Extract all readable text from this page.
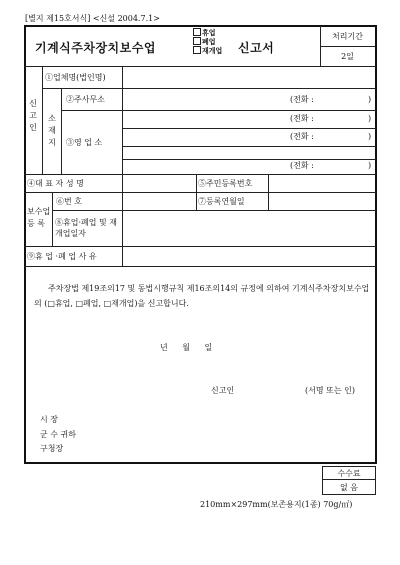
[별지 제15호서식] <신설 2004.7.1>
기계식주차장치보수업
휴업
폐업
재개업 신고서
처리기간
2일
신고인
소재지
①업체명(법인명)
②주사무소
③영 업 소
(전화 :	)
(전화 :	)
(전화 :	)
(전화 :	)
④대 표 자 성 명	⑤주민등록번호
보수업 등 록
⑥번 호	⑦등록연월일
⑧휴업·폐업 및 재개업일자
⑨휴 업 ·폐 업 사 유
주차장법 제19조의17 및 동법시행규칙 제16조의14의 규정에 의하여 기계식주차장치보수업의 (□휴업, □폐업, □재개업)을 신고합니다.
년 월 일
신고인	(서명 또는 인)
시 장
군 수 귀하
구청장
수수료
없 음
210mm×297mm(보존용지(1종) 70g/㎡)
